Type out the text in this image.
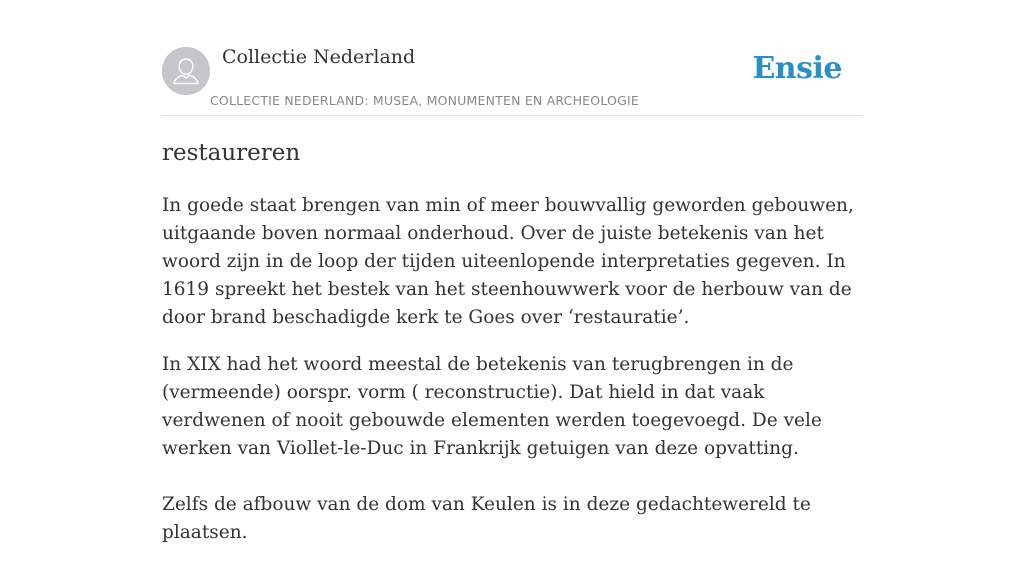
Collectie Nederland
COLLECTIE NEDERLAND: MUSEA, MONUMENTEN EN ARCHEOLOGIE
Ensie
restaureren

In goede staat brengen van min of meer bouwvallig geworden gebouwen, uitgaande boven normaal onderhoud. Over de juiste betekenis van het woord zijn in de loop der tijden uiteenlopende interpretaties gegeven. In 1619 spreekt het bestek van het steenhouwwerk voor de herbouw van de door brand beschadigde kerk te Goes over ‘restauratie’.

In XIX had het woord meestal de betekenis van terugbrengen in de (vermeende) oorspr. vorm ( reconstructie). Dat hield in dat vaak verdwenen of nooit gebouwde elementen werden toegevoegd. De vele werken van Viollet-le-Duc in Frankrijk getuigen van deze opvatting.

Zelfs de afbouw van de dom van Keulen is in deze gedachtewereld te plaatsen.
